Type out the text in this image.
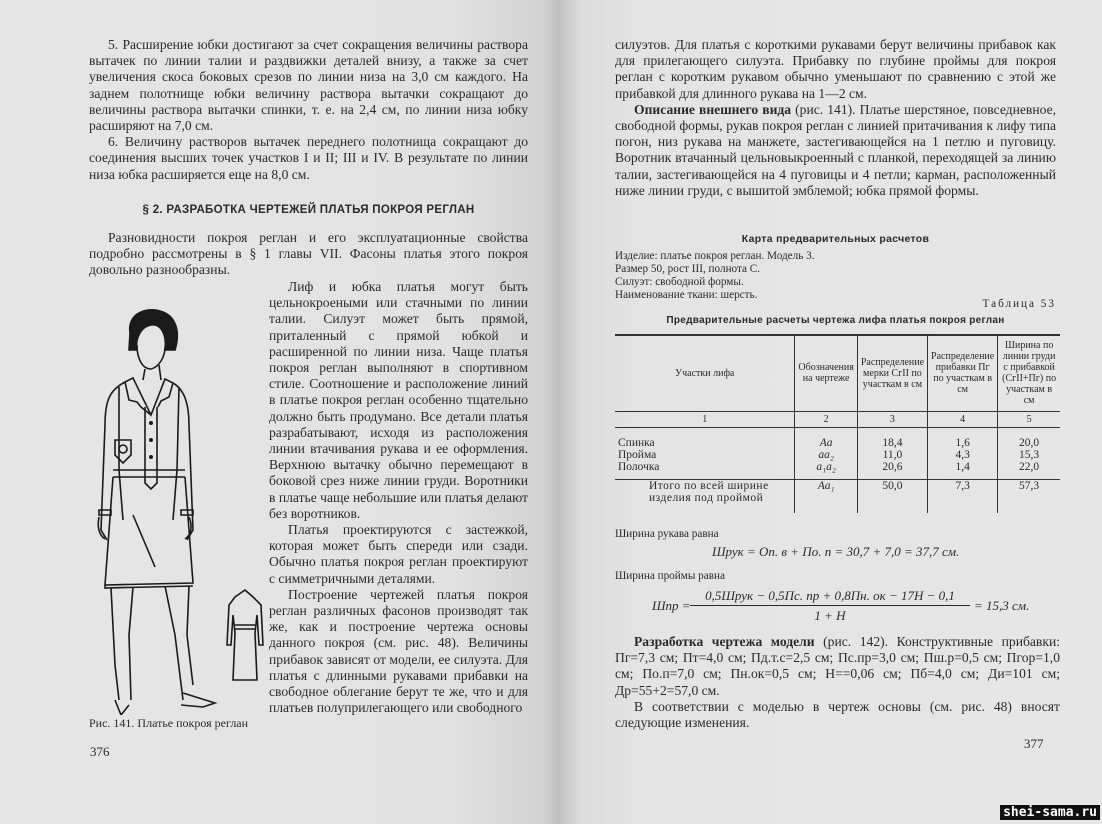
5. Расширение юбки достигают за счет сокращения величины раствора вытачек по линии талии и раздвижки деталей внизу, а также за счет увеличения скоса боковых срезов по линии низа на 3,0 см каждого. На заднем полотнище юбки величину раствора вытачки сокращают до величины раствора вытачки спинки, т. е. на 2,4 см, по линии низа юбку расширяют на 7,0 см.

6. Величину растворов вытачек переднего полотнища сокращают до соединения высших точек участков I и II; III и IV. В результате по линии низа юбка расширяется еще на 8,0 см.

§ 2. РАЗРАБОТКА ЧЕРТЕЖЕЙ ПЛАТЬЯ ПОКРОЯ РЕГЛАН

Разновидности покроя реглан и его эксплуатационные свойства подробно рассмотрены в § 1 главы VII. Фасоны платья этого покроя довольно разнообразны.

Лиф и юбка платья могут быть цельнокроеными или стачными по линии талии. Силуэт может быть прямой, приталенный с прямой юбкой и расширенной по линии низа. Чаще платья покроя реглан выполняют в спортивном стиле. Соотношение и расположение линий в платье покроя реглан особенно тщательно должно быть продумано. Все детали платья разрабатывают, исходя из расположения линии втачивания рукава и ее оформления. Верхнюю вытачку обычно перемещают в боковой срез ниже линии груди. Воротники в платье чаще небольшие или платья делают без воротников.

Платья проектируются с застежкой, которая может быть спереди или сзади. Обычно платья покроя реглан проектируют с симметричными деталями.

Построение чертежей платья покроя реглан различных фасонов производят так же, как и построение чертежа основы данного покроя (см. рис. 48). Величины прибавок зависят от модели, ее силуэта. Для платья с длинными рукавами прибавки на свободное облегание берут те же, что и для платьев полуприлегающего или свободного

Рис. 141. Платье покроя реглан
376

силуэтов. Для платья с короткими рукавами берут величины прибавок как для прилегающего силуэта. Прибавку по глубине проймы для покроя реглан с коротким рукавом обычно уменьшают по сравнению с этой же прибавкой для длинного рукава на 1—2 см.

Описание внешнего вида (рис. 141). Платье шерстяное, повседневное, свободной формы, рукав покроя реглан с линией притачивания к лифу типа погон, низ рукава на манжете, застегивающейся на 1 петлю и пуговицу. Воротник втачанный цельновыкроенный с планкой, переходящей за линию талии, застегивающейся на 4 пуговицы и 4 петли; карман, расположенный ниже линии груди, с вышитой эмблемой; юбка прямой формы.

Карта предварительных расчетов
Изделие: платье покроя реглан. Модель 3.
Размер 50, рост III, полнота С.
Силуэт: свободной формы.
Наименование ткани: шерсть.
Таблица 53
Предварительные расчеты чертежа лифа платья покроя реглан
Участки лифа	Обозначения на чертеже	Распределение мерки СгII по участкам в см	Распределение прибавки Пг по участкам в см	Ширина по линии груди с прибавкой (СгII+Пг) по участкам в см
1	2	3	4	5

Спинка	Aa	18,4	1,6	20,0
Пройма	aa₂	11,0	4,3	15,3
Полочка	a₁a₂	20,6	1,4	22,0

Итого по всей ширине изделия под проймой	Aa₁	50,0	7,3	57,3
Ширина рукава равна
Шрук = Оп. в + По. п = 30,7 + 7,0 = 37,7 см.
Ширина проймы равна
Шпр =
0,5Шрук − 0,5Пс. пр + 0,8Пн. ок − 17Н − 0,1
1 + Н
= 15,3 см.

Разработка чертежа модели (рис. 142). Конструктивные прибавки: Пг=7,3 см; Пт=4,0 см; Пд.т.с=2,5 см; Пс.пр=3,0 см; Пш.р=0,5 см; Пгор=1,0 см; По.п=7,0 см; Пн.ок=0,5 см; Н==0,06 см; Пб=4,0 см; Ди=101 см; Др=55+2=57,0 см.

В соответствии с моделью в чертеж основы (см. рис. 48) вносят следующие изменения.

377
shei-sama.ru
